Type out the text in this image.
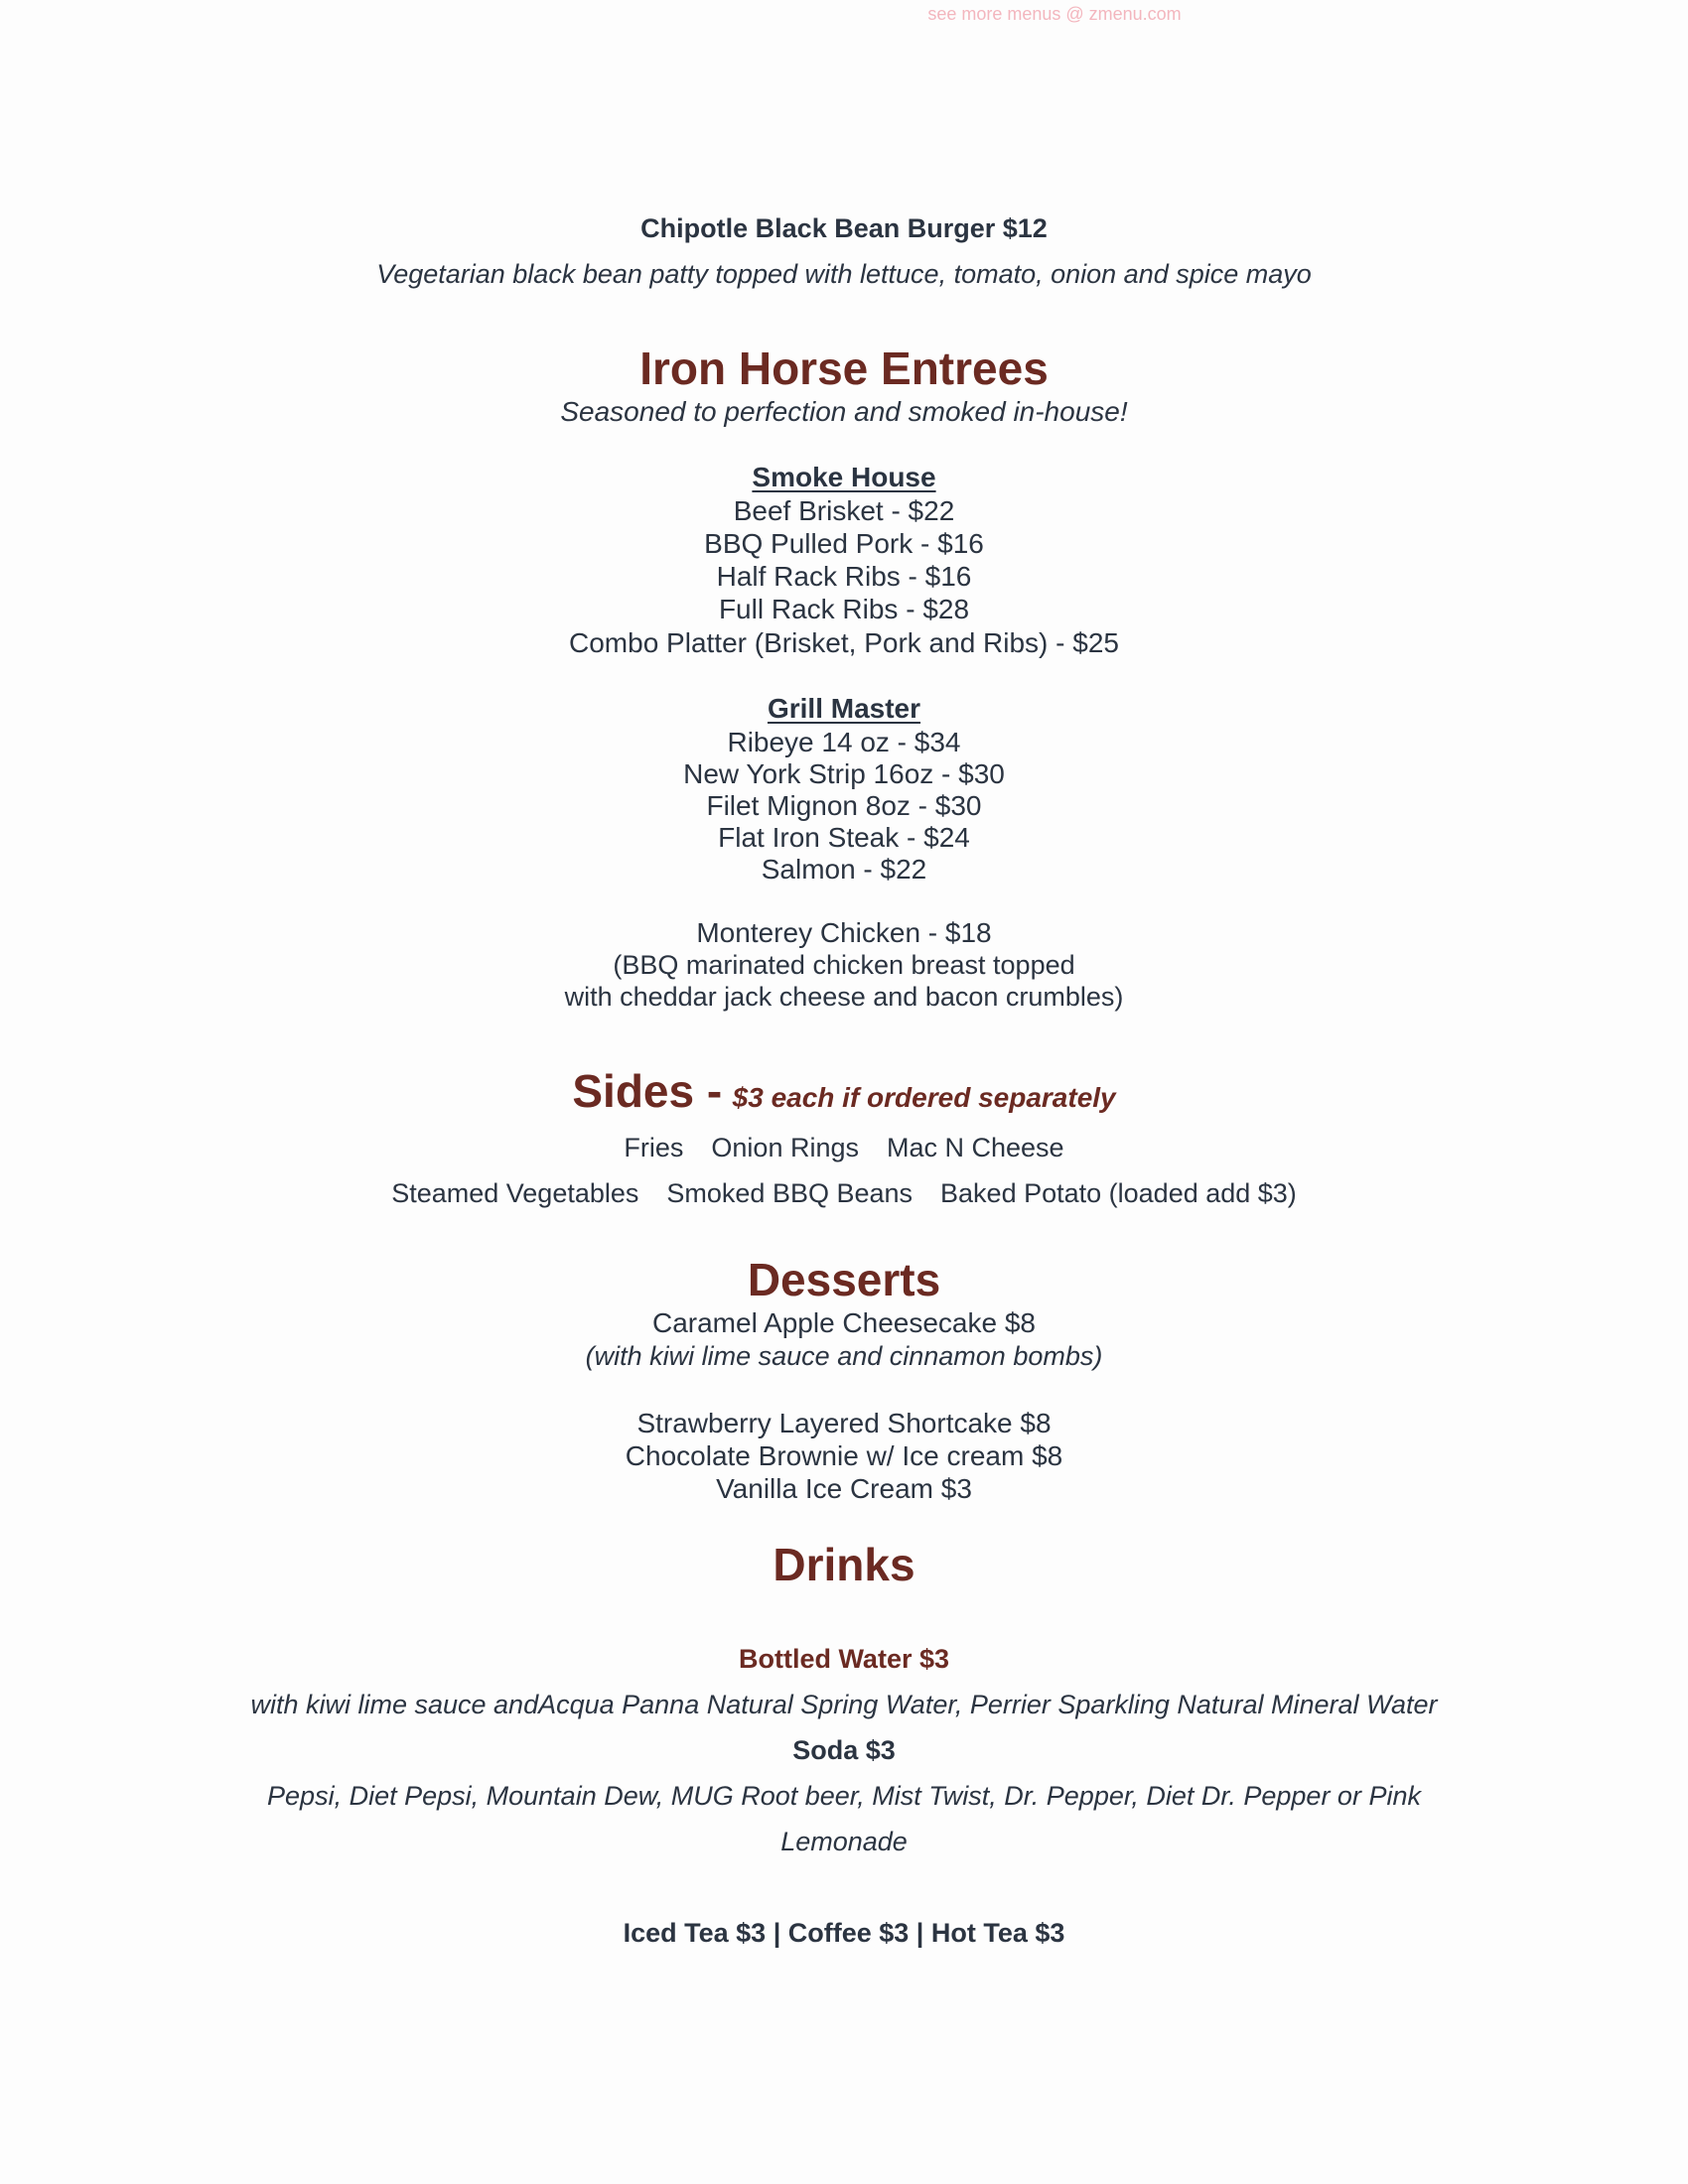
see more menus @ zmenu.com
Chipotle Black Bean Burger $12
Vegetarian black bean patty topped with lettuce, tomato, onion and spice mayo
Iron Horse Entrees
Seasoned to perfection and smoked in-house!
Smoke House
Beef Brisket - $22
BBQ Pulled Pork - $16
Half Rack Ribs - $16
Full Rack Ribs - $28
Combo Platter (Brisket, Pork and Ribs) - $25
Grill Master
Ribeye 14 oz - $34
New York Strip 16oz - $30
Filet Mignon 8oz - $30
Flat Iron Steak - $24
Salmon - $22
Monterey Chicken - $18
(BBQ marinated chicken breast topped
with cheddar jack cheese and bacon crumbles)
Sides - $3 each if ordered separately
Fries Onion Rings Mac N Cheese
Steamed Vegetables Smoked BBQ Beans Baked Potato (loaded add $3)
Desserts
Caramel Apple Cheesecake $8
(with kiwi lime sauce and cinnamon bombs)
Strawberry Layered Shortcake $8
Chocolate Brownie w/ Ice cream $8
Vanilla Ice Cream $3
Drinks
Bottled Water $3
with kiwi lime sauce andAcqua Panna Natural Spring Water, Perrier Sparkling Natural Mineral Water
Soda $3
Pepsi, Diet Pepsi, Mountain Dew, MUG Root beer, Mist Twist, Dr. Pepper, Diet Dr. Pepper or Pink
Lemonade
Iced Tea $3 | Coffee $3 | Hot Tea $3
